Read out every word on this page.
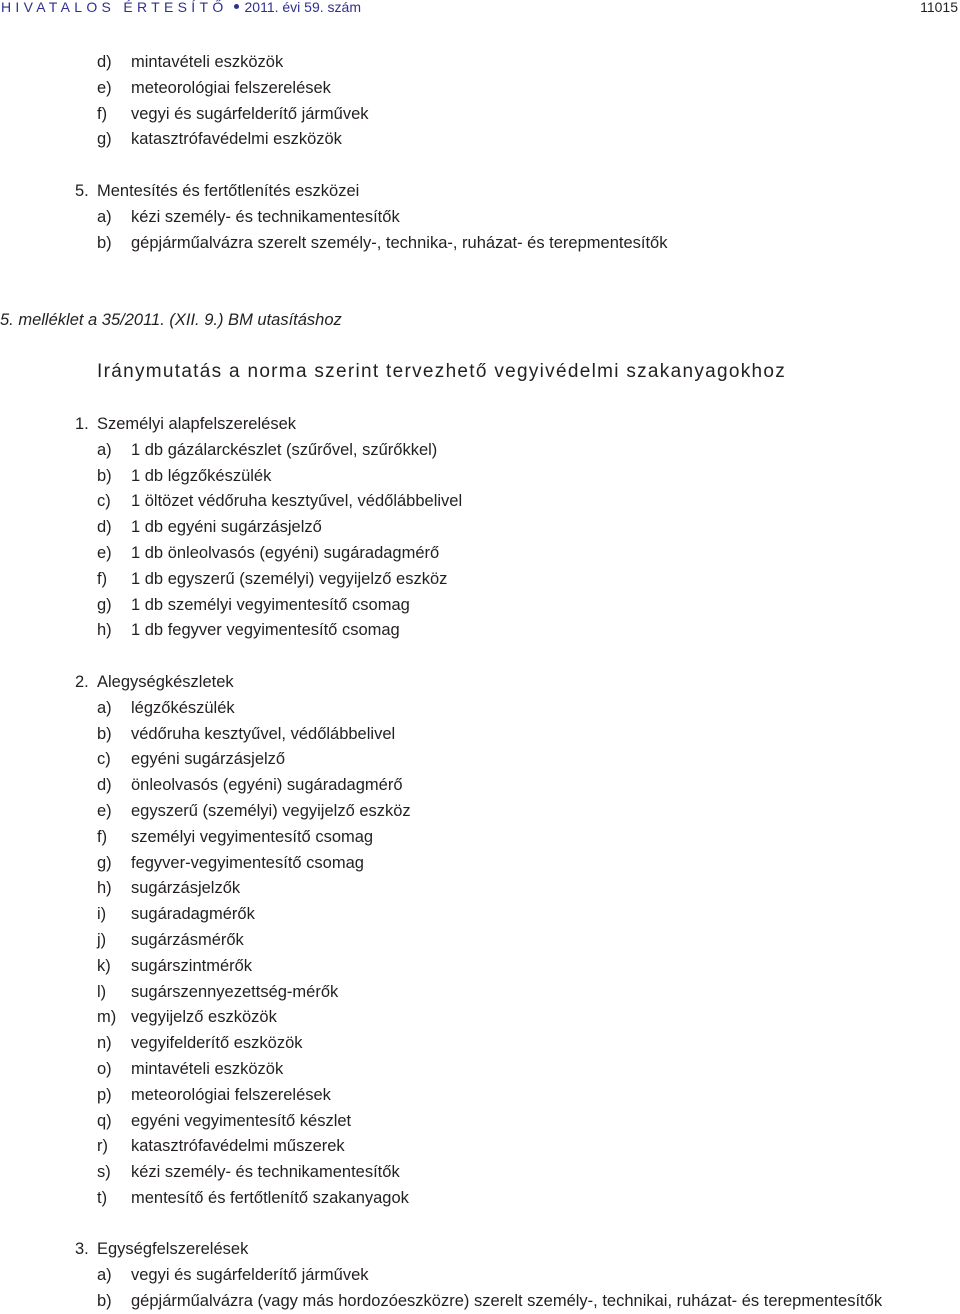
HIVATALOS ÉRTESÍTŐ 2011. évi 59. szám	11015
d) mintavételi eszközök
e) meteorológiai felszerelések
f) vegyi és sugárfelderítő járművek
g) katasztrófavédelmi eszközök
5. Mentesítés és fertőtlenítés eszközei
a) kézi személy- és technikamentesítők
b) gépjárműalvázra szerelt személy-, technika-, ruházat- és terepmentesítők
5. melléklet a 35/2011. (XII. 9.) BM utasításhoz
Iránymutatás a norma szerint tervezhető vegyivédelmi szakanyagokhoz
1. Személyi alapfelszerelések
a) 1 db gázálarckészlet (szűrővel, szűrőkkel)
b) 1 db légzőkészülék
c) 1 öltözet védőruha kesztyűvel, védőlábbelivel
d) 1 db egyéni sugárzásjelző
e) 1 db önleolvasós (egyéni) sugáradagmérő
f) 1 db egyszerű (személyi) vegyijelző eszköz
g) 1 db személyi vegyimentesítő csomag
h) 1 db fegyver vegyimentesítő csomag
2. Alegységkészletek
a) légzőkészülék
b) védőruha kesztyűvel, védőlábbelivel
c) egyéni sugárzásjelző
d) önleolvasós (egyéni) sugáradagmérő
e) egyszerű (személyi) vegyijelző eszköz
f) személyi vegyimentesítő csomag
g) fegyver-vegyimentesítő csomag
h) sugárzásjelzők
i) sugáradagmérők
j) sugárzásmérők
k) sugárszintmérők
l) sugárszennyezettség-mérők
m) vegyijelző eszközök
n) vegyifelderítő eszközök
o) mintavételi eszközök
p) meteorológiai felszerelések
q) egyéni vegyimentesítő készlet
r) katasztrófavédelmi műszerek
s) kézi személy- és technikamentesítők
t) mentesítő és fertőtlenítő szakanyagok
3. Egységfelszerelések
a) vegyi és sugárfelderítő járművek
b) gépjárműalvázra (vagy más hordozóeszközre) szerelt személy-, technikai, ruházat- és terepmentesítők
